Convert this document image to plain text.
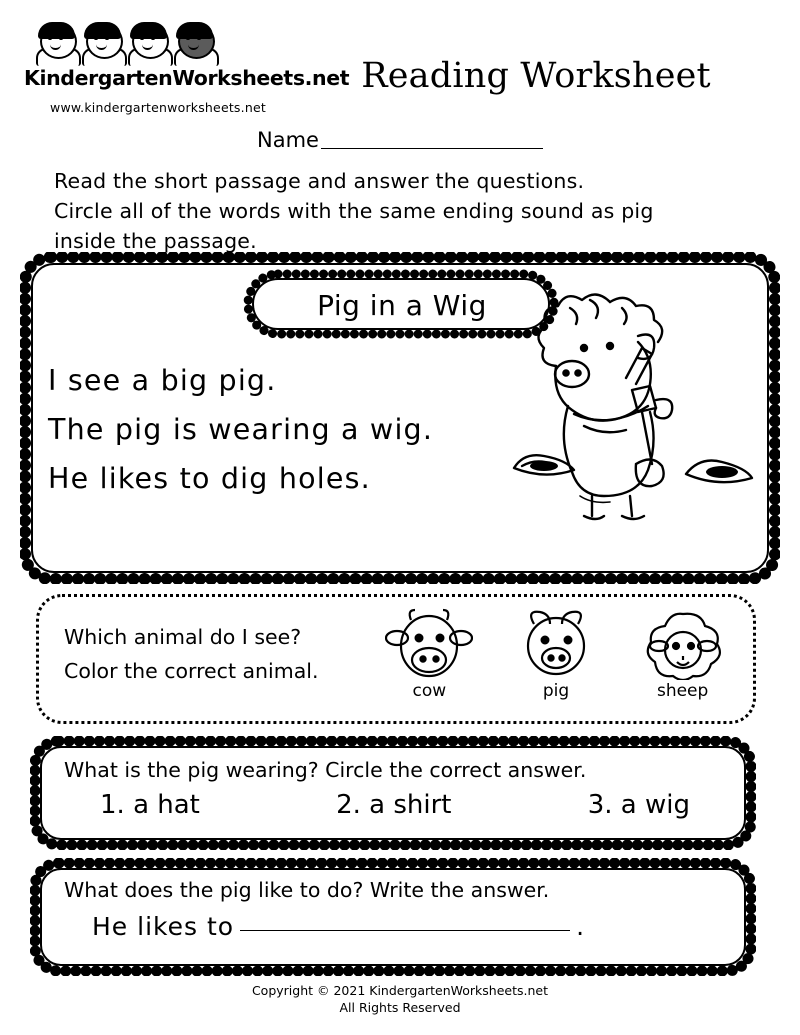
KindergartenWorksheets.net
www.kindergartenworksheets.net
Reading Worksheet
Name
Read the short passage and answer the questions.
Circle all of the words with the same ending sound as pig
inside the passage.
Pig in a Wig
I see a big pig.
The pig is wearing a wig.
He likes to dig holes.
Which animal do I see?
Color the correct animal.
cow	pig	sheep
What is the pig wearing? Circle the correct answer.
1. a hat	2. a shirt	3. a wig
What does the pig like to do? Write the answer.
He likes to	.
Copyright © 2021 KindergartenWorksheets.net
All Rights Reserved
